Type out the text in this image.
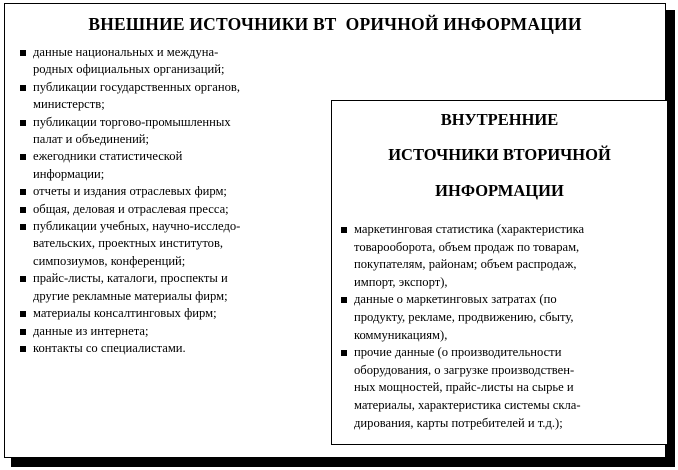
ВНЕШНИЕ ИСТОЧНИКИ ВТ  ОРИЧНОЙ ИНФОРМАЦИИ
данные национальных и междуна-
родных официальных организаций;
публикации государственных органов,
министерств;
публикации торгово-промышленных
палат и объединений;
ежегодники статистической
информации;
отчеты и издания отраслевых фирм;
общая, деловая и отраслевая пресса;
публикации учебных, научно-исследо-
вательских, проектных институтов,
симпозиумов, конференций;
прайс-листы, каталоги, проспекты и
другие рекламные материалы фирм;
материалы консалтинговых фирм;
данные из интернета;
контакты со специалистами.
ВНУТРЕННИЕ
ИСТОЧНИКИ ВТОРИЧНОЙ
ИНФОРМАЦИИ
маркетинговая статистика (характеристика
товарооборота, объем продаж по товарам,
покупателям, районам; объем распродаж,
импорт, экспорт),
данные о маркетинговых затратах (по
продукту, рекламе, продвижению, сбыту,
коммуникациям),
прочие данные (о производительности
оборудования, о загрузке производствен-
ных мощностей, прайс-листы на сырье и
материалы, характеристика системы скла-
дирования, карты потребителей и т.д.);
